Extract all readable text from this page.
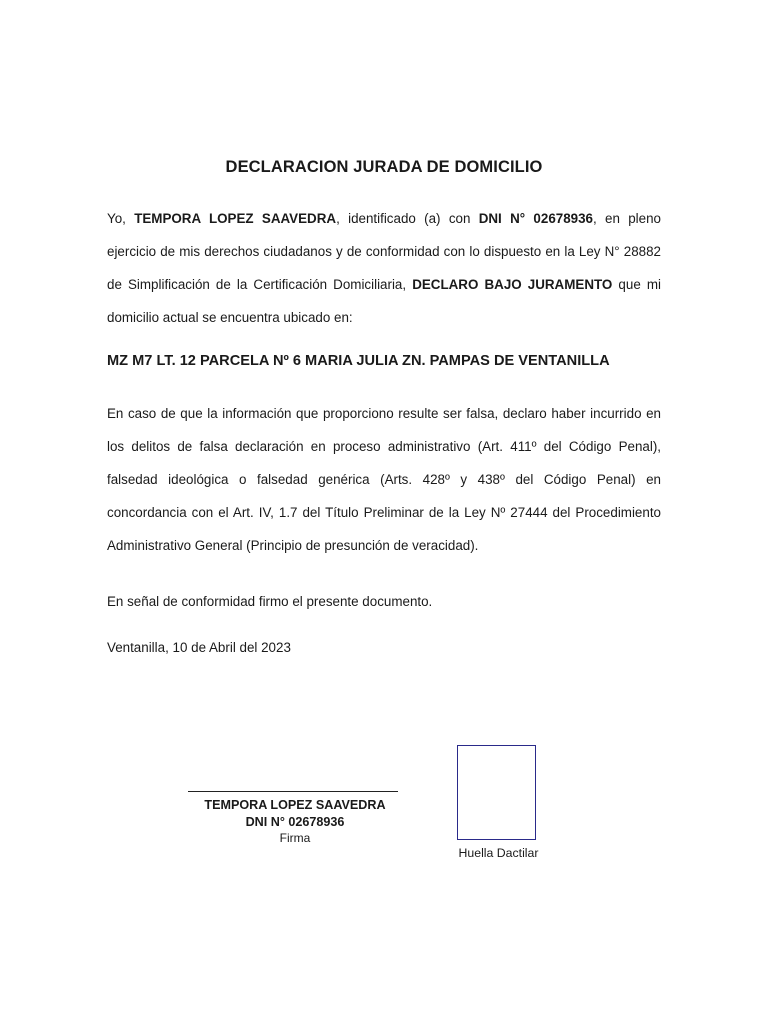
DECLARACION JURADA DE DOMICILIO

Yo, TEMPORA LOPEZ SAAVEDRA, identificado (a) con DNI N° 02678936, en pleno ejercicio de mis derechos ciudadanos y de conformidad con lo dispuesto en la Ley N° 28882 de Simplificación de la Certificación Domiciliaria, DECLARO BAJO JURAMENTO que mi domicilio actual se encuentra ubicado en:

MZ M7 LT. 12 PARCELA Nº 6 MARIA JULIA ZN. PAMPAS DE VENTANILLA

En caso de que la información que proporciono resulte ser falsa, declaro haber incurrido en los delitos de falsa declaración en proceso administrativo (Art. 411º del Código Penal), falsedad ideológica o falsedad genérica (Arts. 428º y 438º del Código Penal) en concordancia con el Art. IV, 1.7 del Título Preliminar de la Ley Nº 27444 del Procedimiento Administrativo General (Principio de presunción de veracidad).

En señal de conformidad firmo el presente documento.
Ventanilla, 10 de Abril del 2023
TEMPORA LOPEZ SAAVEDRA
DNI N° 02678936
Firma
Huella Dactilar
